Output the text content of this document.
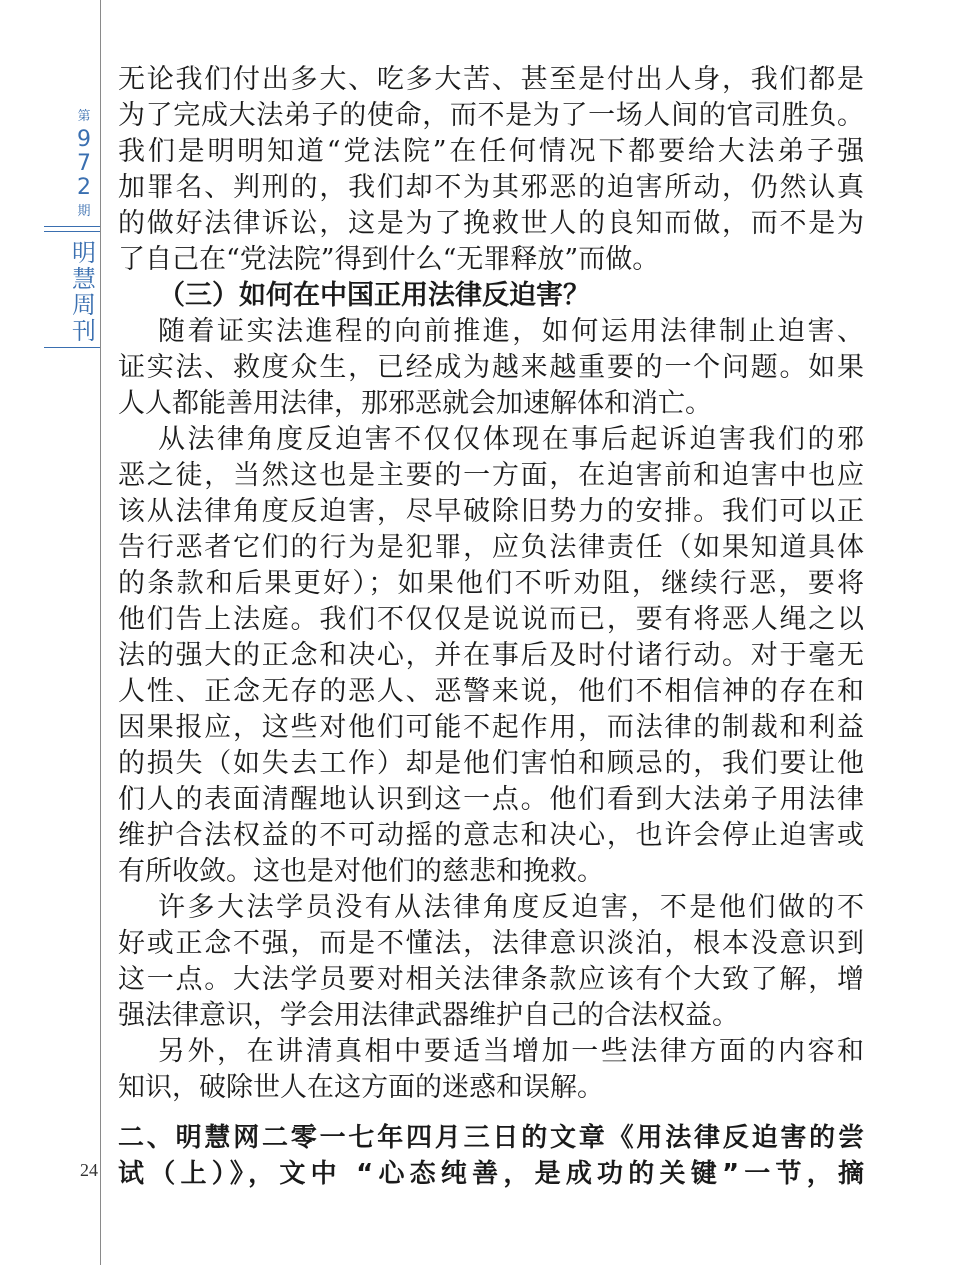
第
9
7
2
期
明
慧
周
刊
24
无论我们付出多大、吃多大苦、甚至是付出人身，我们都是
为了完成大法弟子的使命，而不是为了一场人间的官司胜负。
我们是明明知道“党法院”在任何情况下都要给大法弟子强
加罪名、判刑的，我们却不为其邪恶的迫害所动，仍然认真
的做好法律诉讼，这是为了挽救世人的良知而做，而不是为
了自己在“党法院”得到什么“无罪释放”而做。
（三）如何在中国正用法律反迫害？
随着证实法進程的向前推進，如何运用法律制止迫害、
证实法、救度众生，已经成为越来越重要的一个问题。如果
人人都能善用法律，那邪恶就会加速解体和消亡。
从法律角度反迫害不仅仅体现在事后起诉迫害我们的邪
恶之徒，当然这也是主要的一方面，在迫害前和迫害中也应
该从法律角度反迫害，尽早破除旧势力的安排。我们可以正
告行恶者它们的行为是犯罪，应负法律责任（如果知道具体
的条款和后果更好）；如果他们不听劝阻，继续行恶，要将
他们告上法庭。我们不仅仅是说说而已，要有将恶人绳之以
法的强大的正念和决心，并在事后及时付诸行动。对于毫无
人性、正念无存的恶人、恶警来说，他们不相信神的存在和
因果报应，这些对他们可能不起作用，而法律的制裁和利益
的损失（如失去工作）却是他们害怕和顾忌的，我们要让他
们人的表面清醒地认识到这一点。他们看到大法弟子用法律
维护合法权益的不可动摇的意志和决心，也许会停止迫害或
有所收敛。这也是对他们的慈悲和挽救。
许多大法学员没有从法律角度反迫害，不是他们做的不
好或正念不强，而是不懂法，法律意识淡泊，根本没意识到
这一点。大法学员要对相关法律条款应该有个大致了解，增
强法律意识，学会用法律武器维护自己的合法权益。
另外，在讲清真相中要适当增加一些法律方面的内容和
知识，破除世人在这方面的迷惑和误解。
二、明慧网二零一七年四月三日的文章《用法律反迫害的尝
试（上）》，文中 “心态纯善，是成功的关键”一节，摘
